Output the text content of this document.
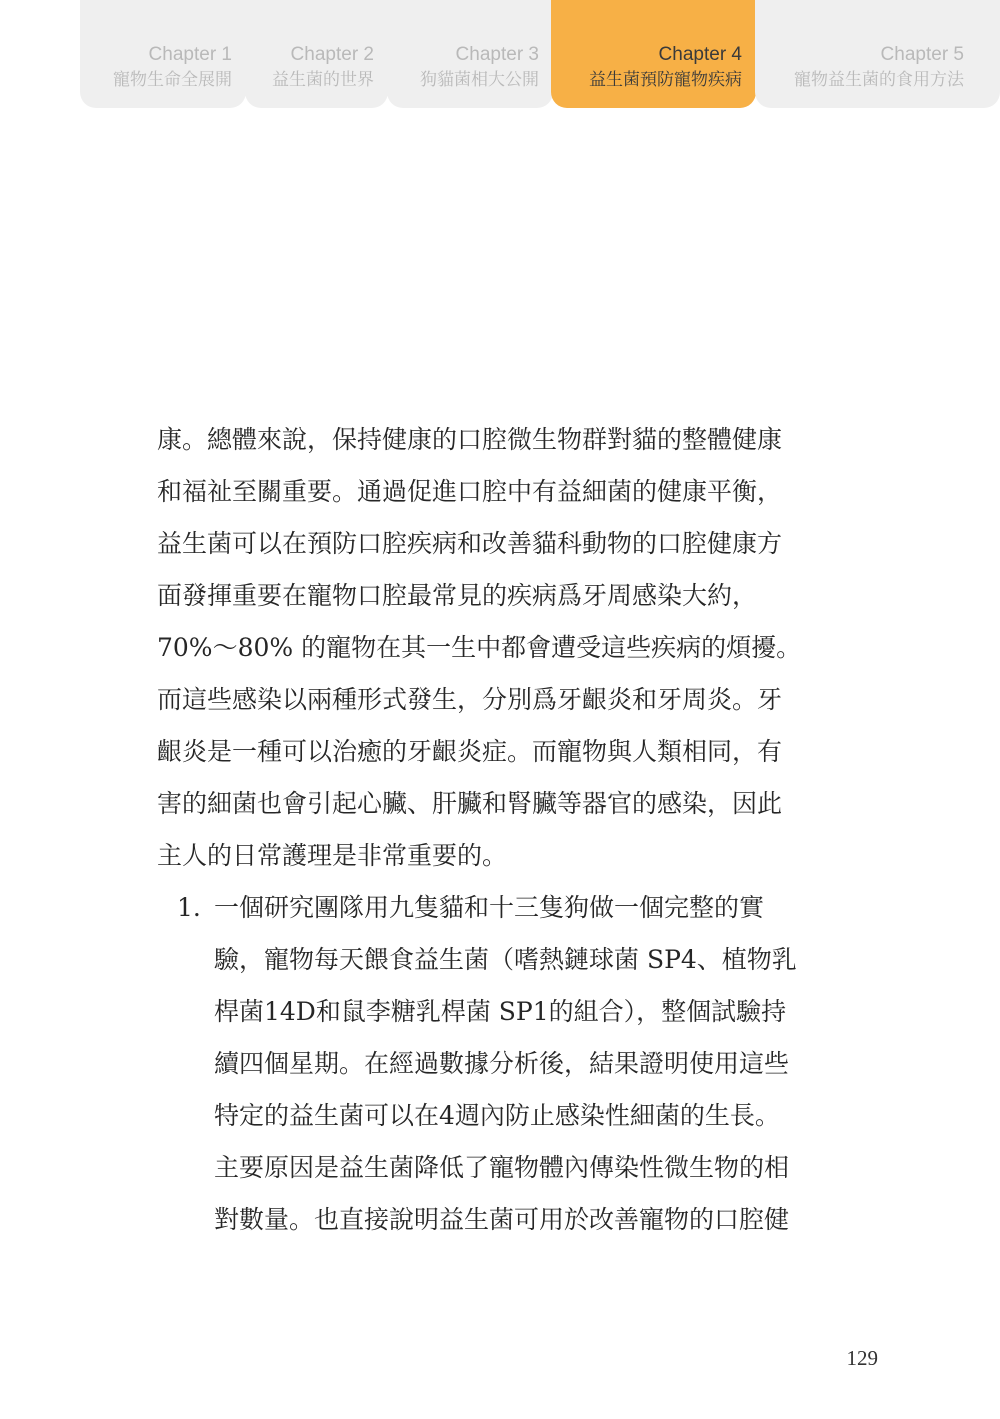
Chapter 1
寵物生命全展開
Chapter 2
益生菌的世界
Chapter 3
狗貓菌相大公開
Chapter 4
益生菌預防寵物疾病
Chapter 5
寵物益生菌的食用方法
康。總體來說，保持健康的口腔微生物群對貓的整體健康
和福祉至關重要。通過促進口腔中有益細菌的健康平衡，
益生菌可以在預防口腔疾病和改善貓科動物的口腔健康方
面發揮重要在寵物口腔最常見的疾病爲牙周感染大約，
70%～80% 的寵物在其一生中都會遭受這些疾病的煩擾。
而這些感染以兩種形式發生，分別爲牙齦炎和牙周炎。牙
齦炎是一種可以治癒的牙齦炎症。而寵物與人類相同，有
害的細菌也會引起心臟、肝臟和腎臟等器官的感染，因此
主人的日常護理是非常重要的。
1. 一個研究團隊用九隻貓和十三隻狗做一個完整的實
驗，寵物每天餵食益生菌（嗜熱鏈球菌 SP4、植物乳
桿菌14D和鼠李糖乳桿菌 SP1的組合），整個試驗持
續四個星期。在經過數據分析後，結果證明使用這些
特定的益生菌可以在4週內防止感染性細菌的生長。
主要原因是益生菌降低了寵物體內傳染性微生物的相
對數量。也直接說明益生菌可用於改善寵物的口腔健
129
